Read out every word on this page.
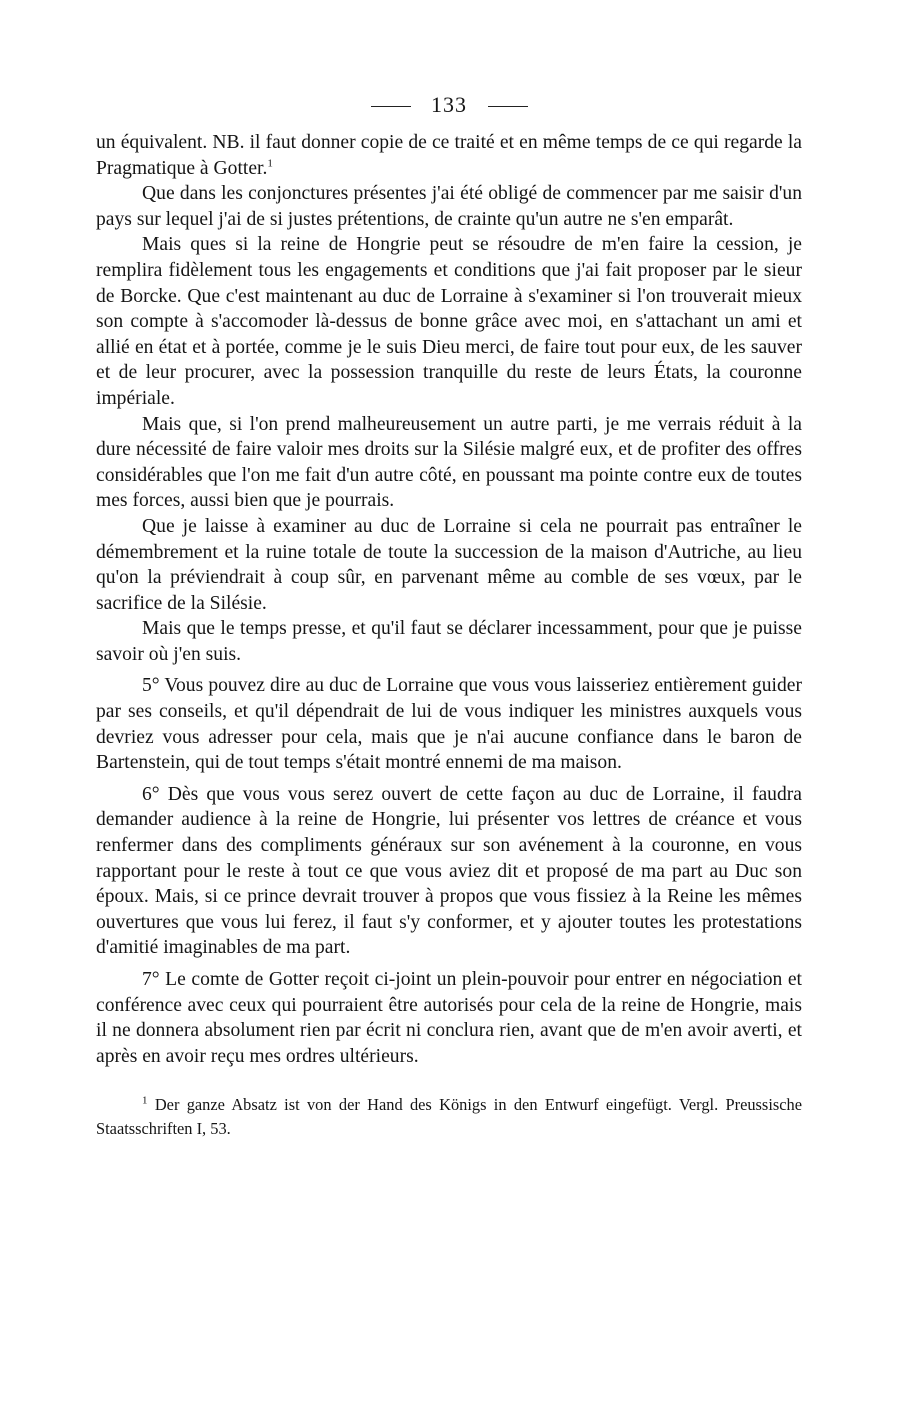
133

un équivalent. NB. il faut donner copie de ce traité et en même temps de ce qui regarde la Pragmatique à Gotter.$^1$

Que dans les conjonctures présentes j'ai été obligé de commencer par me saisir d'un pays sur lequel j'ai de si justes prétentions, de crainte qu'un autre ne s'en emparât.

Mais ques si la reine de Hongrie peut se résoudre de m'en faire la cession, je remplira fidèlement tous les engagements et conditions que j'ai fait proposer par le sieur de Borcke. Que c'est maintenant au duc de Lorraine à s'examiner si l'on trouverait mieux son compte à s'accomoder là-dessus de bonne grâce avec moi, en s'attachant un ami et allié en état et à portée, comme je le suis Dieu merci, de faire tout pour eux, de les sauver et de leur procurer, avec la possession tranquille du reste de leurs États, la couronne impériale.

Mais que, si l'on prend malheureusement un autre parti, je me verrais réduit à la dure nécessité de faire valoir mes droits sur la Silésie malgré eux, et de profiter des offres considérables que l'on me fait d'un autre côté, en poussant ma pointe contre eux de toutes mes forces, aussi bien que je pourrais.

Que je laisse à examiner au duc de Lorraine si cela ne pourrait pas entraîner le démembrement et la ruine totale de toute la succession de la maison d'Autriche, au lieu qu'on la préviendrait à coup sûr, en parvenant même au comble de ses vœux, par le sacrifice de la Silésie.

Mais que le temps presse, et qu'il faut se déclarer incessamment, pour que je puisse savoir où j'en suis.

5° Vous pouvez dire au duc de Lorraine que vous vous laisseriez entièrement guider par ses conseils, et qu'il dépendrait de lui de vous indiquer les ministres auxquels vous devriez vous adresser pour cela, mais que je n'ai aucune confiance dans le baron de Bartenstein, qui de tout temps s'était montré ennemi de ma maison.

6° Dès que vous vous serez ouvert de cette façon au duc de Lorraine, il faudra demander audience à la reine de Hongrie, lui présenter vos lettres de créance et vous renfermer dans des compliments généraux sur son avénement à la couronne, en vous rapportant pour le reste à tout ce que vous aviez dit et proposé de ma part au Duc son époux. Mais, si ce prince devrait trouver à propos que vous fissiez à la Reine les mêmes ouvertures que vous lui ferez, il faut s'y conformer, et y ajouter toutes les protestations d'amitié imaginables de ma part.

7° Le comte de Gotter reçoit ci-joint un plein-pouvoir pour entrer en négociation et conférence avec ceux qui pourraient être autorisés pour cela de la reine de Hongrie, mais il ne donnera absolument rien par écrit ni conclura rien, avant que de m'en avoir averti, et après en avoir reçu mes ordres ultérieurs.

$^1$ Der ganze Absatz ist von der Hand des Königs in den Entwurf eingefügt. Vergl. Preussische Staatsschriften I, 53.
